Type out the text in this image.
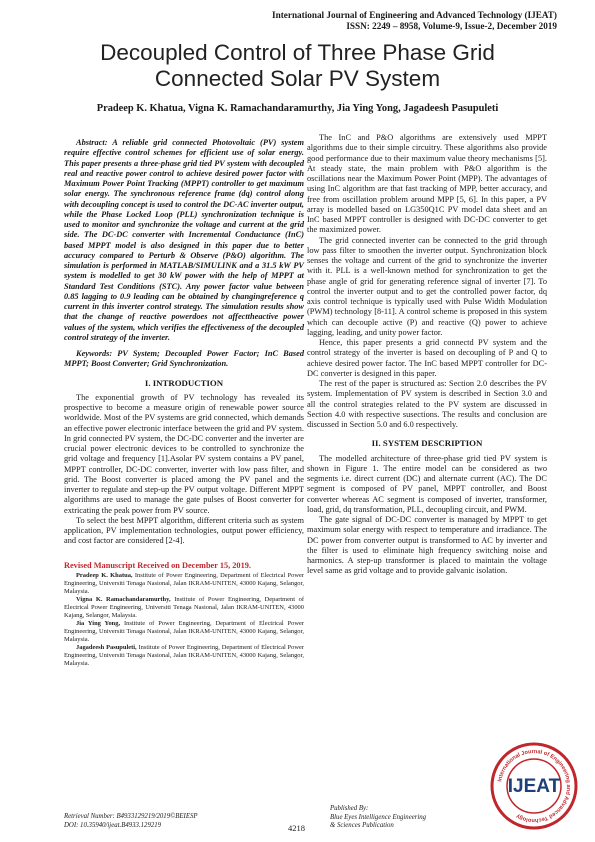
International Journal of Engineering and Advanced Technology (IJEAT)
ISSN: 2249 – 8958, Volume-9, Issue-2, December 2019
Decoupled Control of Three Phase Grid
Connected Solar PV System
Pradeep K. Khatua, Vigna K. Ramachandaramurthy, Jia Ying Yong, Jagadeesh Pasupuleti

Abstract: A reliable grid connected Photovoltaic (PV) system require effective control schemes for efficient use of solar energy. This paper presents a three-phase grid tied PV system with decoupled real and reactive power control to achieve desired power factor with Maximum Power Point Tracking (MPPT) controller to get maximum solar energy. The synchronous reference frame (dq) control along with decoupling concept is used to control the DC-AC inverter output, while the Phase Locked Loop (PLL) synchronization technique is used to monitor and synchronize the voltage and current at the grid side. The DC-DC converter with Incremental Conductance (InC) based MPPT model is also designed in this paper due to better accuracy compared to Perturb & Observe (P&O) algorithm. The simulation is performed in MATLAB/SIMULINK and a 31.5 kW PV system is modelled to get 30 kW power with the help of MPPT at Standard Test Conditions (STC). Any power factor value between 0.85 lagging to 0.9 leading can be obtained by changingreference q current in this inverter control strategy. The simulation results show that the change of reactive powerdoes not affecttheactive power values of the system, which verifies the effectiveness of the decoupled control strategy of the inverter.

Keywords: PV System; Decoupled Power Factor; InC Based MPPT; Boost Converter; Grid Synchronization.

I. INTRODUCTION

The exponential growth of PV technology has revealed its prospective to become a measure origin of renewable power source worldwide. Most of the PV systems are grid connected, which demands an effective power electronic interface between the grid and PV system. In grid connected PV system, the DC-DC converter and the inverter are crucial power electronic devices to be controlled to synchronize the grid voltage and frequency [1].Asolar PV system contains a PV panel, MPPT controller, DC-DC converter, inverter with low pass filter, and grid. The Boost converter is placed among the PV panel and the inverter to regulate and step-up the PV output voltage. Different MPPT algorithms are used to manage the gate pulses of Boost converter for extricating the peak power from PV source.

To select the best MPPT algorithm, different criteria such as system application, PV implementation technologies, output power efficiency, and cost factor are considered [2-4].

Revised Manuscript Received on December 15, 2019.

Pradeep K. Khatua, Institute of Power Engineering, Department of Electrical Power Engineering, Universiti Tenaga Nasional, Jalan IKRAM-UNITEN, 43000 Kajang, Selangor, Malaysia.

Vigna K. Ramachandaramurthy, Institute of Power Engineering, Department of Electrical Power Engineering, Universiti Tenaga Nasional, Jalan IKRAM-UNITEN, 43000 Kajang, Selangor, Malaysia.

Jia Ying Yong, Institute of Power Engineering, Department of Electrical Power Engineering, Universiti Tenaga Nasional, Jalan IKRAM-UNITEN, 43000 Kajang, Selangor, Malaysia.

Jagadeesh Pasupuleti, Institute of Power Engineering, Department of Electrical Power Engineering, Universiti Tenaga Nasional, Jalan IKRAM-UNITEN, 43000 Kajang, Selangor, Malaysia.

The InC and P&O algorithms are extensively used MPPT algorithms due to their simple circuitry. These algorithms also provide good performance due to their maximum value theory mechanisms [5]. At steady state, the main problem with P&O algorithm is the oscillations near the Maximum Power Point (MPP). The advantages of using InC algorithm are that fast tracking of MPP, better accuracy, and free from oscillation problem around MPP [5, 6]. In this paper, a PV array is modelled based on LG350Q1C PV model data sheet and an InC based MPPT controller is designed with DC-DC converter to get the maximized power.

The grid connected inverter can be connected to the grid through low pass filter to smoothen the inverter output. Synchronization block senses the voltage and current of the grid to synchronize the inverter with it. PLL is a well-known method for synchronization to get the phase angle of grid for generating reference signal of inverter [7]. To control the inverter output and to get the controlled power factor, dq axis control technique is typically used with Pulse Width Modulation (PWM) technology [8-11]. A control scheme is proposed in this system which can decouple active (P) and reactive (Q) power to achieve lagging, leading, and unity power factor.

Hence, this paper presents a grid connectd PV system and the control strategy of the inverter is based on decoupling of P and Q to achieve desired power factor. The InC based MPPT controller for DC-DC converter is designed in this paper.

The rest of the paper is structured as: Section 2.0 describes the PV system. Implementation of PV system is described in Section 3.0 and all the control strategies related to the PV system are discussed in Section 4.0 with respective susections. The results and conclusion are discussed in Section 5.0 and 6.0 respectively.

II. SYSTEM DESCRIPTION

The modelled architecture of three-phase grid tied PV system is shown in Figure 1. The entire model can be considered as two segments i.e. direct current (DC) and alternate current (AC). The DC segment is composed of PV panel, MPPT controller, and Boost converter whereas AC segment is composed of inverter, transformer, load, grid, dq transformation, PLL, decoupling circuit, and PWM.

The gate signal of DC-DC converter is managed by MPPT to get maximum solar energy with respect to temperature and irradiance. The DC power from converter output is transformed to AC by inverter and the filter is used to eliminate high frequency switching noise and harmonics. A step-up transformer is placed to maintain the voltage level same as grid voltage and to provide galvanic isolation.

Retrieval Number: B4933129219/2019©BEIESP
DOI: 10.35940/ijeat.B4933.129219	4218
Published By:
Blue Eyes Intelligence Engineering
& Sciences Publication
International Journal of Engineering and Advanced Technology
IJEAT
